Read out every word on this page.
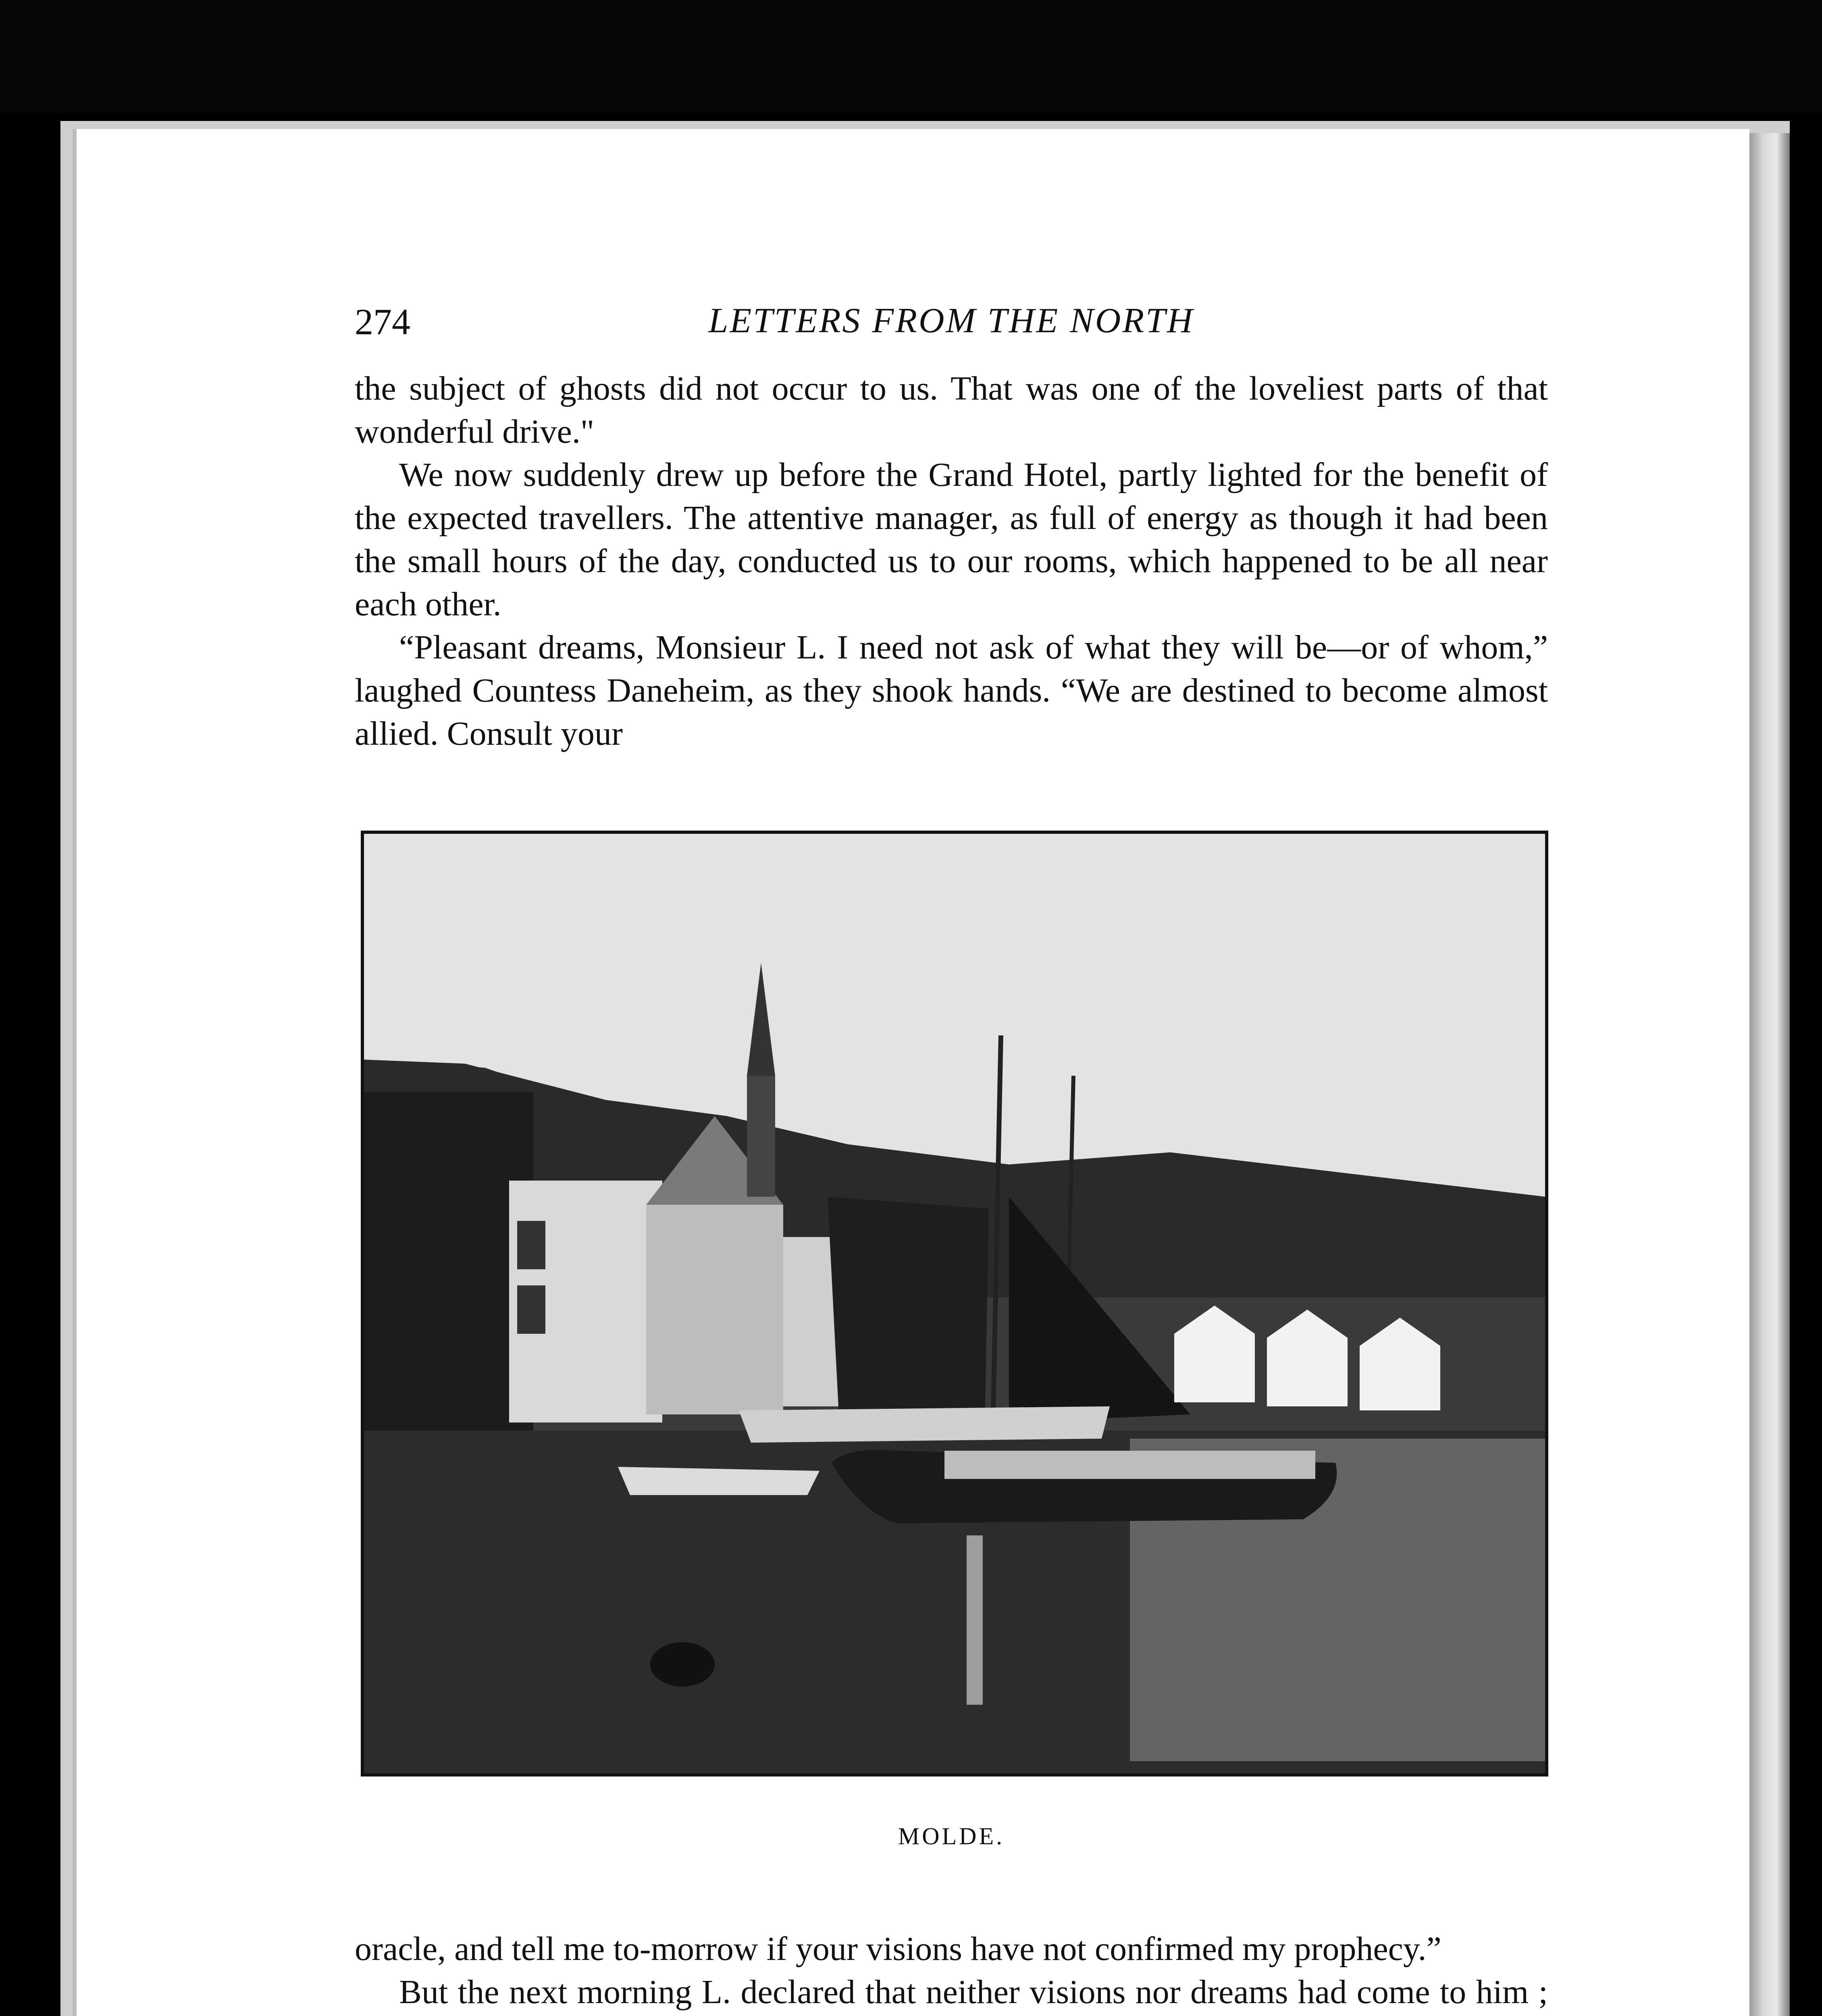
274	LETTERS FROM THE NORTH

the subject of ghosts did not occur to us. That was one of the loveliest parts of that wonderful drive."

We now suddenly drew up before the Grand Hotel, partly lighted for the benefit of the expected travellers. The attentive manager, as full of energy as though it had been the small hours of the day, conducted us to our rooms, which happened to be all near each other.

“Pleasant dreams, Monsieur L. I need not ask of what they will be—or of whom,” laughed Countess Daneheim, as they shook hands. “We are destined to become almost allied. Consult your

MOLDE.

oracle, and tell me to-morrow if your visions have not confirmed my prophecy.”

But the next morning L. declared that neither visions nor dreams had come to him ;
